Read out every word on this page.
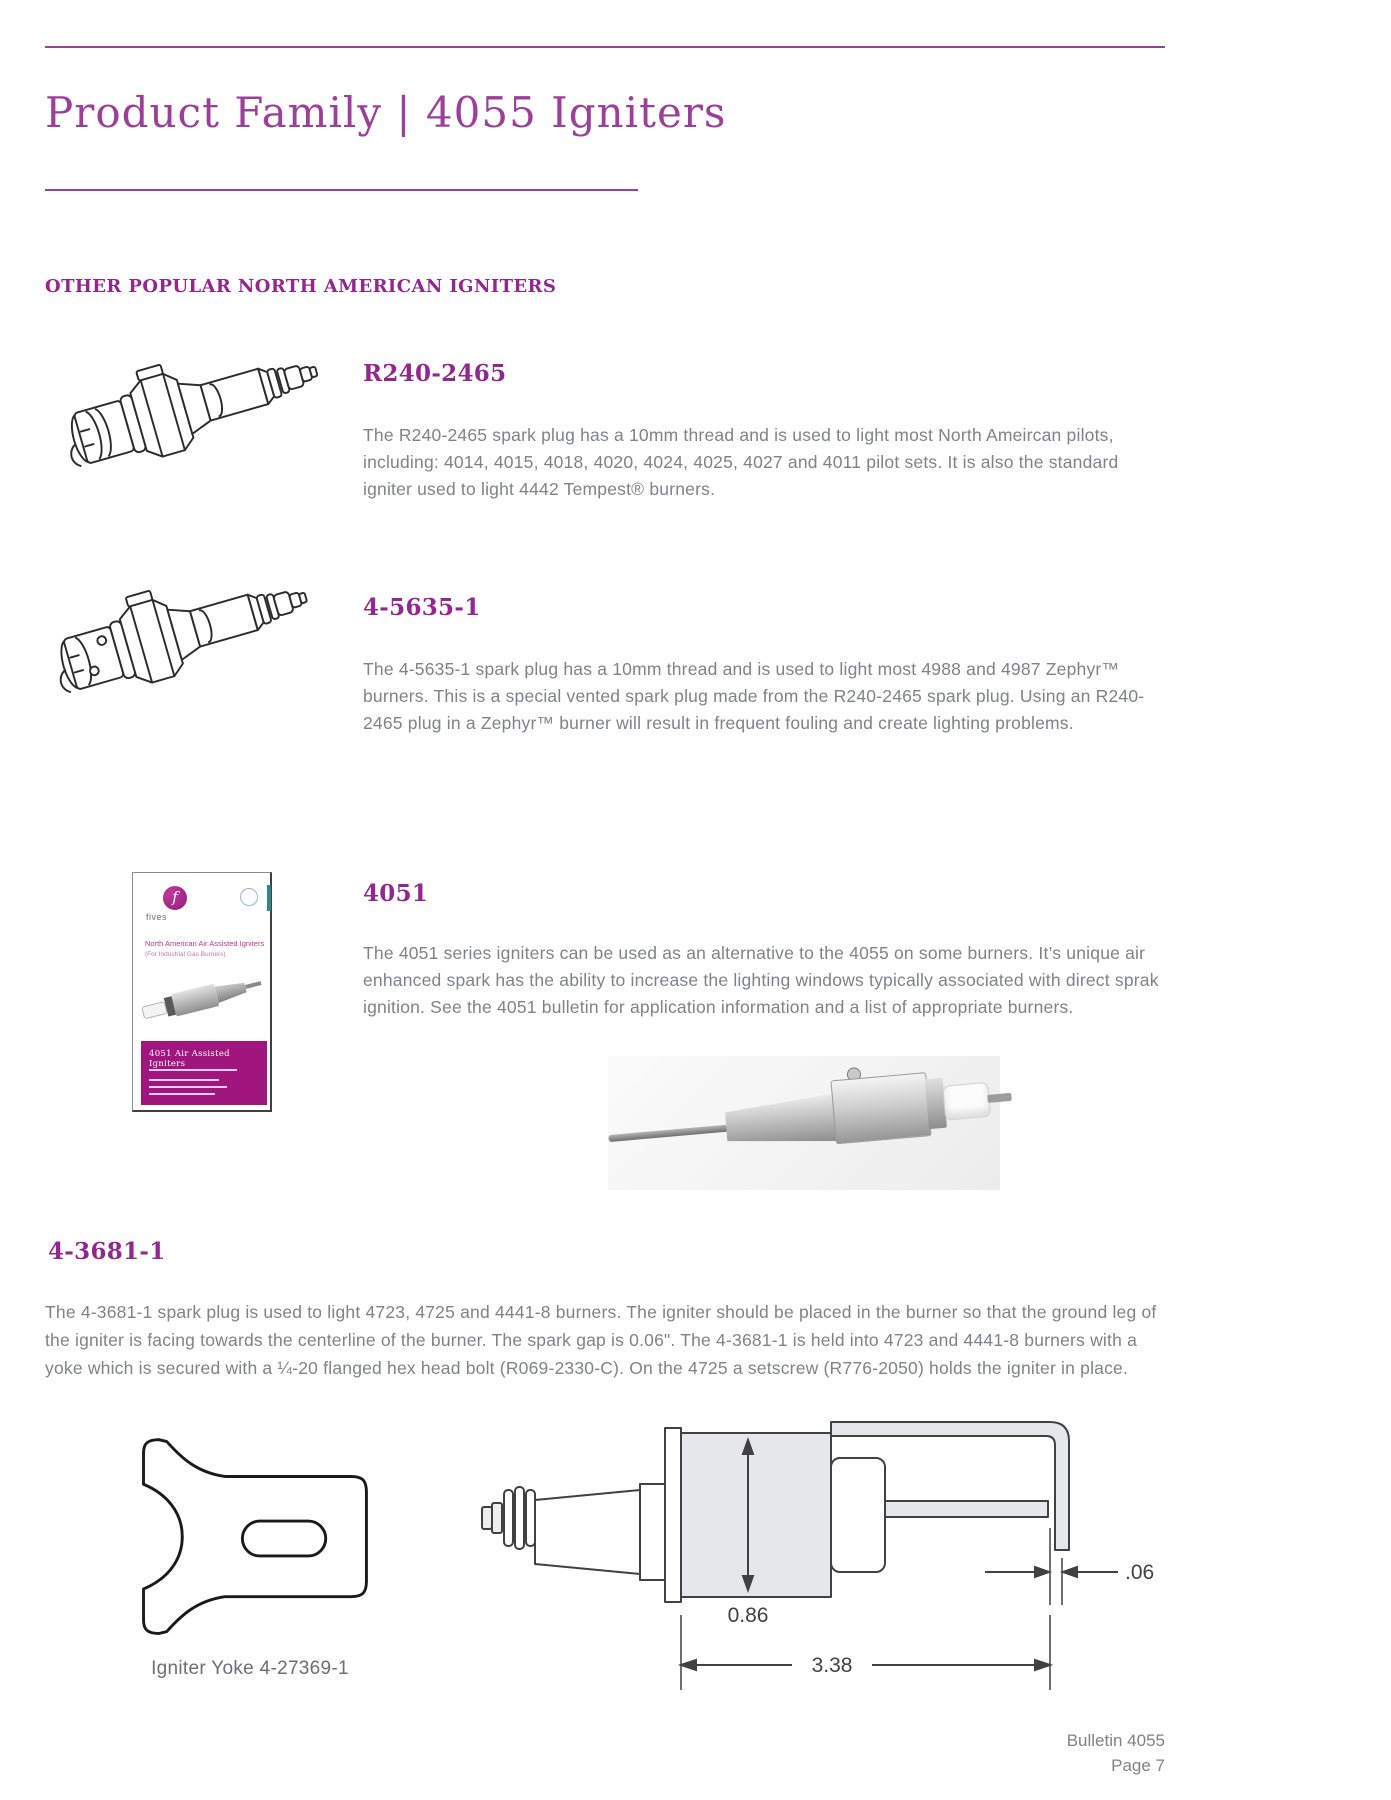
Product Family | 4055 Igniters
OTHER POPULAR NORTH AMERICAN IGNITERS
R240-2465
The R240-2465 spark plug has a 10mm thread and is used to light most North Ameircan pilots, including: 4014, 4015, 4018, 4020, 4024, 4025, 4027 and 4011 pilot sets. It is also the standard igniter used to light 4442 Tempest® burners.
4-5635-1
The 4-5635-1 spark plug has a 10mm thread and is used to light most 4988 and 4987 Zephyr™ burners. This is a special vented spark plug made from the R240-2465 spark plug. Using an R240-2465 plug in a Zephyr™ burner will result in frequent fouling and create lighting problems.
f
fives
North American Air Assisted Igniters
(For Industrial Gas Burners)
4051 Air Assisted Igniters
4051
The 4051 series igniters can be used as an alternative to the 4055 on some burners. It’s unique air enhanced spark has the ability to increase the lighting windows typically associated with direct sprak ignition. See the 4051 bulletin for application information and a list of appropriate burners.
4-3681-1
The 4-3681-1 spark plug is used to light 4723, 4725 and 4441-8 burners. The igniter should be placed in the burner so that the ground leg of the igniter is facing towards the centerline of the burner. The spark gap is 0.06". The 4-3681-1 is held into 4723 and 4441-8 burners with a yoke which is secured with a ¼-20 flanged hex head bolt (R069-2330-C). On the 4725 a setscrew (R776-2050) holds the igniter in place.
Igniter Yoke 4-27369-1
0.86
3.38
.06
Bulletin 4055
Page 7
